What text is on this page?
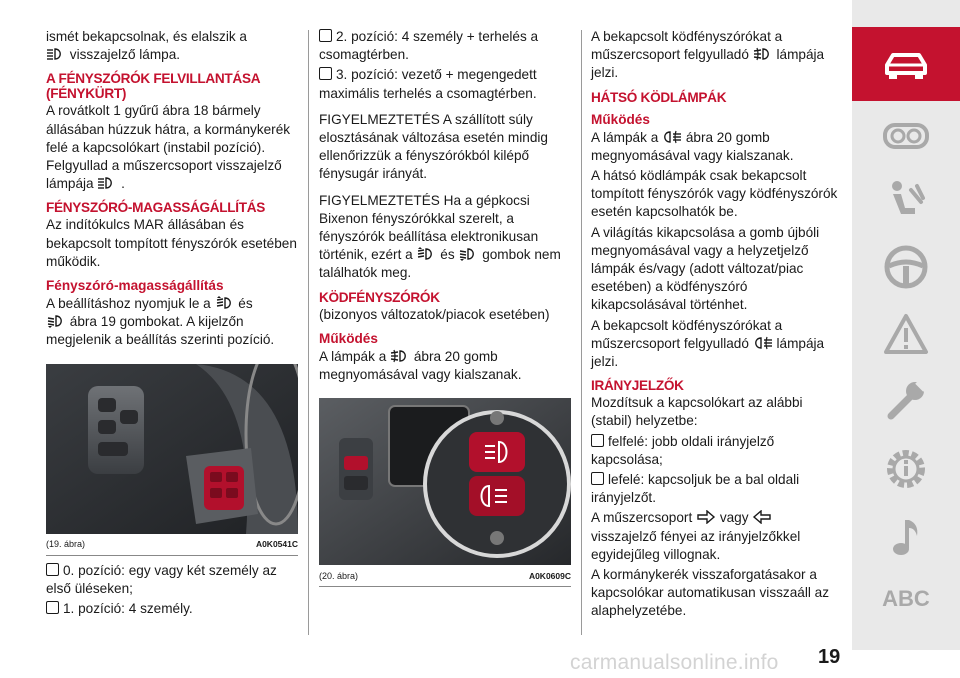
ismét bekapcsolnak, és elalszik a

visszajelző lámpa.

A FÉNYSZÓRÓK FELVILLANTÁSA (FÉNYKÜRT)

A rovátkolt 1 gyűrű ábra 18 bármely állásában húzzuk hátra, a kormánykerék felé a kapcsolókart (instabil pozíció). Felgyullad a műszercsoport visszajelző lámpája
.

FÉNYSZÓRÓ-MAGASSÁGÁLLÍTÁS

Az indítókulcs MAR állásában és bekapcsolt tompított fényszórók esetében működik.

Fényszóró-magasságállítás

A beállításhoz nyomjuk le a és

ábra 19 gombokat. A kijelzőn megjelenik a beállítás szerinti pozíció.

(19. ábra)	A0K0541C

0. pozíció: egy vagy két személy az első üléseken;

1. pozíció: 4 személy.

2. pozíció: 4 személy + terhelés a csomagtérben.

3. pozíció: vezető + megengedett maximális terhelés a csomagtérben.

FIGYELMEZTETÉS A szállított súly elosztásának változása esetén mindig ellenőrizzük a fényszórókból kilépő fénysugár irányát.

FIGYELMEZTETÉS Ha a gépkocsi Bixenon fényszórókkal szerelt, a fényszórók beállítása elektronikusan történik, ezért a és gombok nem találhatók meg.

KÖDFÉNYSZÓRÓK

(bizonyos változatok/piacok esetében)

Működés

A lámpák a ábra 20 gomb megnyomásával vagy kialszanak.

(20. ábra)	A0K0609C

A bekapcsolt ködfényszórókat a műszercsoport felgyulladó lámpája jelzi.

HÁTSÓ KÖDLÁMPÁK
Működés

A lámpák a ábra 20 gomb megnyomásával vagy kialszanak.

A hátsó ködlámpák csak bekapcsolt tompított fényszórók vagy ködfényszórók esetén kapcsolhatók be.

A világítás kikapcsolása a gomb újbóli megnyomásával vagy a helyzetjelző lámpák és/vagy (adott változat/piac esetében) a ködfényszóró kikapcsolásával történhet.

A bekapcsolt ködfényszórókat a műszercsoport felgyulladó lámpája jelzi.

IRÁNYJELZŐK

Mozdítsuk a kapcsolókart az alábbi (stabil) helyzetbe:

felfelé: jobb oldali irányjelző kapcsolása;

lefelé: kapcsoljuk be a bal oldali irányjelzőt.

A műszercsoport vagy
visszajelző fényei az irányjelzőkkel egyidejűleg villognak.

A kormánykerék visszaforgatásakor a kapcsolókar automatikusan visszaáll az alaphelyzetébe.	ABC
carmanualsonline.info 19
